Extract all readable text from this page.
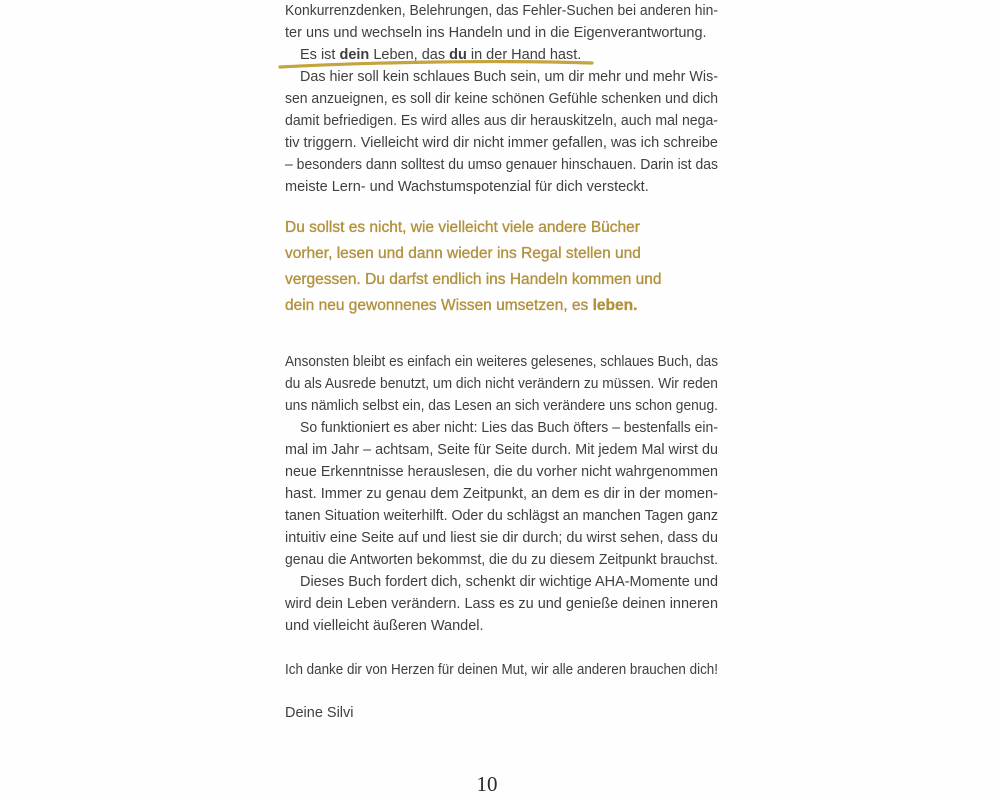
Konkurrenzdenken, Belehrungen, das Fehler-Suchen bei anderen hin-
ter uns und wechseln ins Handeln und in die Eigenverantwortung.
Es ist dein Leben, das du in der Hand hast.
Das hier soll kein schlaues Buch sein, um dir mehr und mehr Wis-
sen anzueignen, es soll dir keine schönen Gefühle schenken und dich
damit befriedigen. Es wird alles aus dir herauskitzeln, auch mal nega-
tiv triggern. Vielleicht wird dir nicht immer gefallen, was ich schreibe
– besonders dann solltest du umso genauer hinschauen. Darin ist das
meiste Lern- und Wachstumspotenzial für dich versteckt.
Du sollst es nicht, wie vielleicht viele andere Bücher
vorher, lesen und dann wieder ins Regal stellen und
vergessen. Du darfst endlich ins Handeln kommen und
dein neu gewonnenes Wissen umsetzen, es leben.
Ansonsten bleibt es einfach ein weiteres gelesenes, schlaues Buch, das
du als Ausrede benutzt, um dich nicht verändern zu müssen. Wir reden
uns nämlich selbst ein, das Lesen an sich verändere uns schon genug.
So funktioniert es aber nicht: Lies das Buch öfters – bestenfalls ein-
mal im Jahr – achtsam, Seite für Seite durch. Mit jedem Mal wirst du
neue Erkenntnisse herauslesen, die du vorher nicht wahrgenommen
hast. Immer zu genau dem Zeitpunkt, an dem es dir in der momen-
tanen Situation weiterhilft. Oder du schlägst an manchen Tagen ganz
intuitiv eine Seite auf und liest sie dir durch; du wirst sehen, dass du
genau die Antworten bekommst, die du zu diesem Zeitpunkt brauchst.
Dieses Buch fordert dich, schenkt dir wichtige AHA-Momente und
wird dein Leben verändern. Lass es zu und genieße deinen inneren
und vielleicht äußeren Wandel.
Ich danke dir von Herzen für deinen Mut, wir alle anderen brauchen dich!
Deine Silvi
10
